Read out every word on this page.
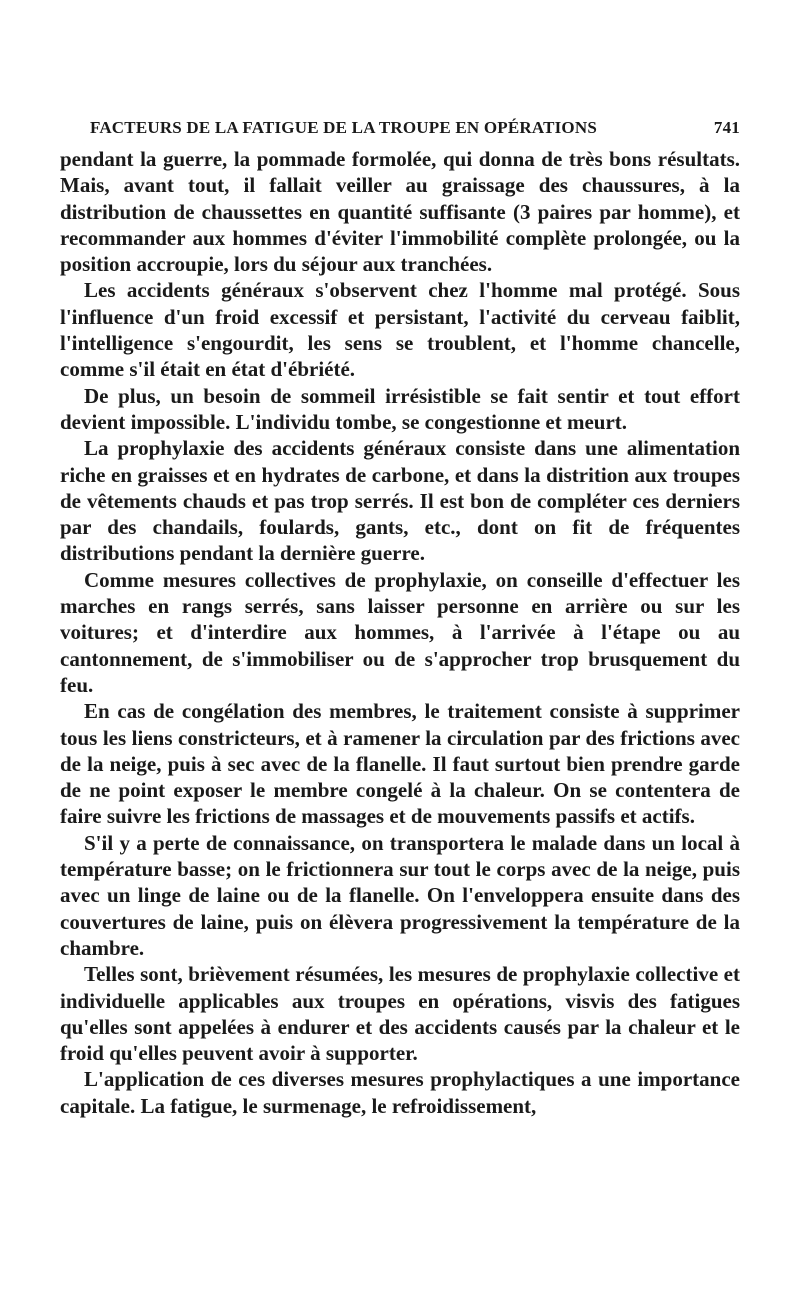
FACTEURS DE LA FATIGUE DE LA TROUPE EN OPÉRATIONS	741

pendant la guerre, la pommade formolée, qui donna de très bons résultats. Mais, avant tout, il fallait veiller au graissage des chaussures, à la distribution de chaussettes en quantité suffisante (3 paires par homme), et recommander aux hommes d'éviter l'immobilité complète prolongée, ou la position accroupie, lors du séjour aux tranchées.

Les accidents généraux s'observent chez l'homme mal protégé. Sous l'influence d'un froid excessif et persistant, l'activité du cerveau faiblit, l'intelligence s'engourdit, les sens se troublent, et l'homme chancelle, comme s'il était en état d'ébriété.

De plus, un besoin de sommeil irrésistible se fait sentir et tout effort devient impossible. L'individu tombe, se congestionne et meurt.

La prophylaxie des accidents généraux consiste dans une alimentation riche en graisses et en hydrates de carbone, et dans la distrition aux troupes de vêtements chauds et pas trop serrés. Il est bon de compléter ces derniers par des chandails, foulards, gants, etc., dont on fit de fréquentes distributions pendant la dernière guerre.

Comme mesures collectives de prophylaxie, on conseille d'effectuer les marches en rangs serrés, sans laisser personne en arrière ou sur les voitures; et d'interdire aux hommes, à l'arrivée à l'étape ou au cantonnement, de s'immobiliser ou de s'approcher trop brusquement du feu.

En cas de congélation des membres, le traitement consiste à supprimer tous les liens constricteurs, et à ramener la circulation par des frictions avec de la neige, puis à sec avec de la flanelle. Il faut surtout bien prendre garde de ne point exposer le membre congelé à la chaleur. On se contentera de faire suivre les frictions de massages et de mouvements passifs et actifs.

S'il y a perte de connaissance, on transportera le malade dans un local à température basse; on le frictionnera sur tout le corps avec de la neige, puis avec un linge de laine ou de la flanelle. On l'enveloppera ensuite dans des couvertures de laine, puis on élèvera progressivement la température de la chambre.

Telles sont, brièvement résumées, les mesures de prophylaxie collective et individuelle applicables aux troupes en opérations, visvis des fatigues qu'elles sont appelées à endurer et des accidents causés par la chaleur et le froid qu'elles peuvent avoir à supporter.

L'application de ces diverses mesures prophylactiques a une importance capitale. La fatigue, le surmenage, le refroidissement,
